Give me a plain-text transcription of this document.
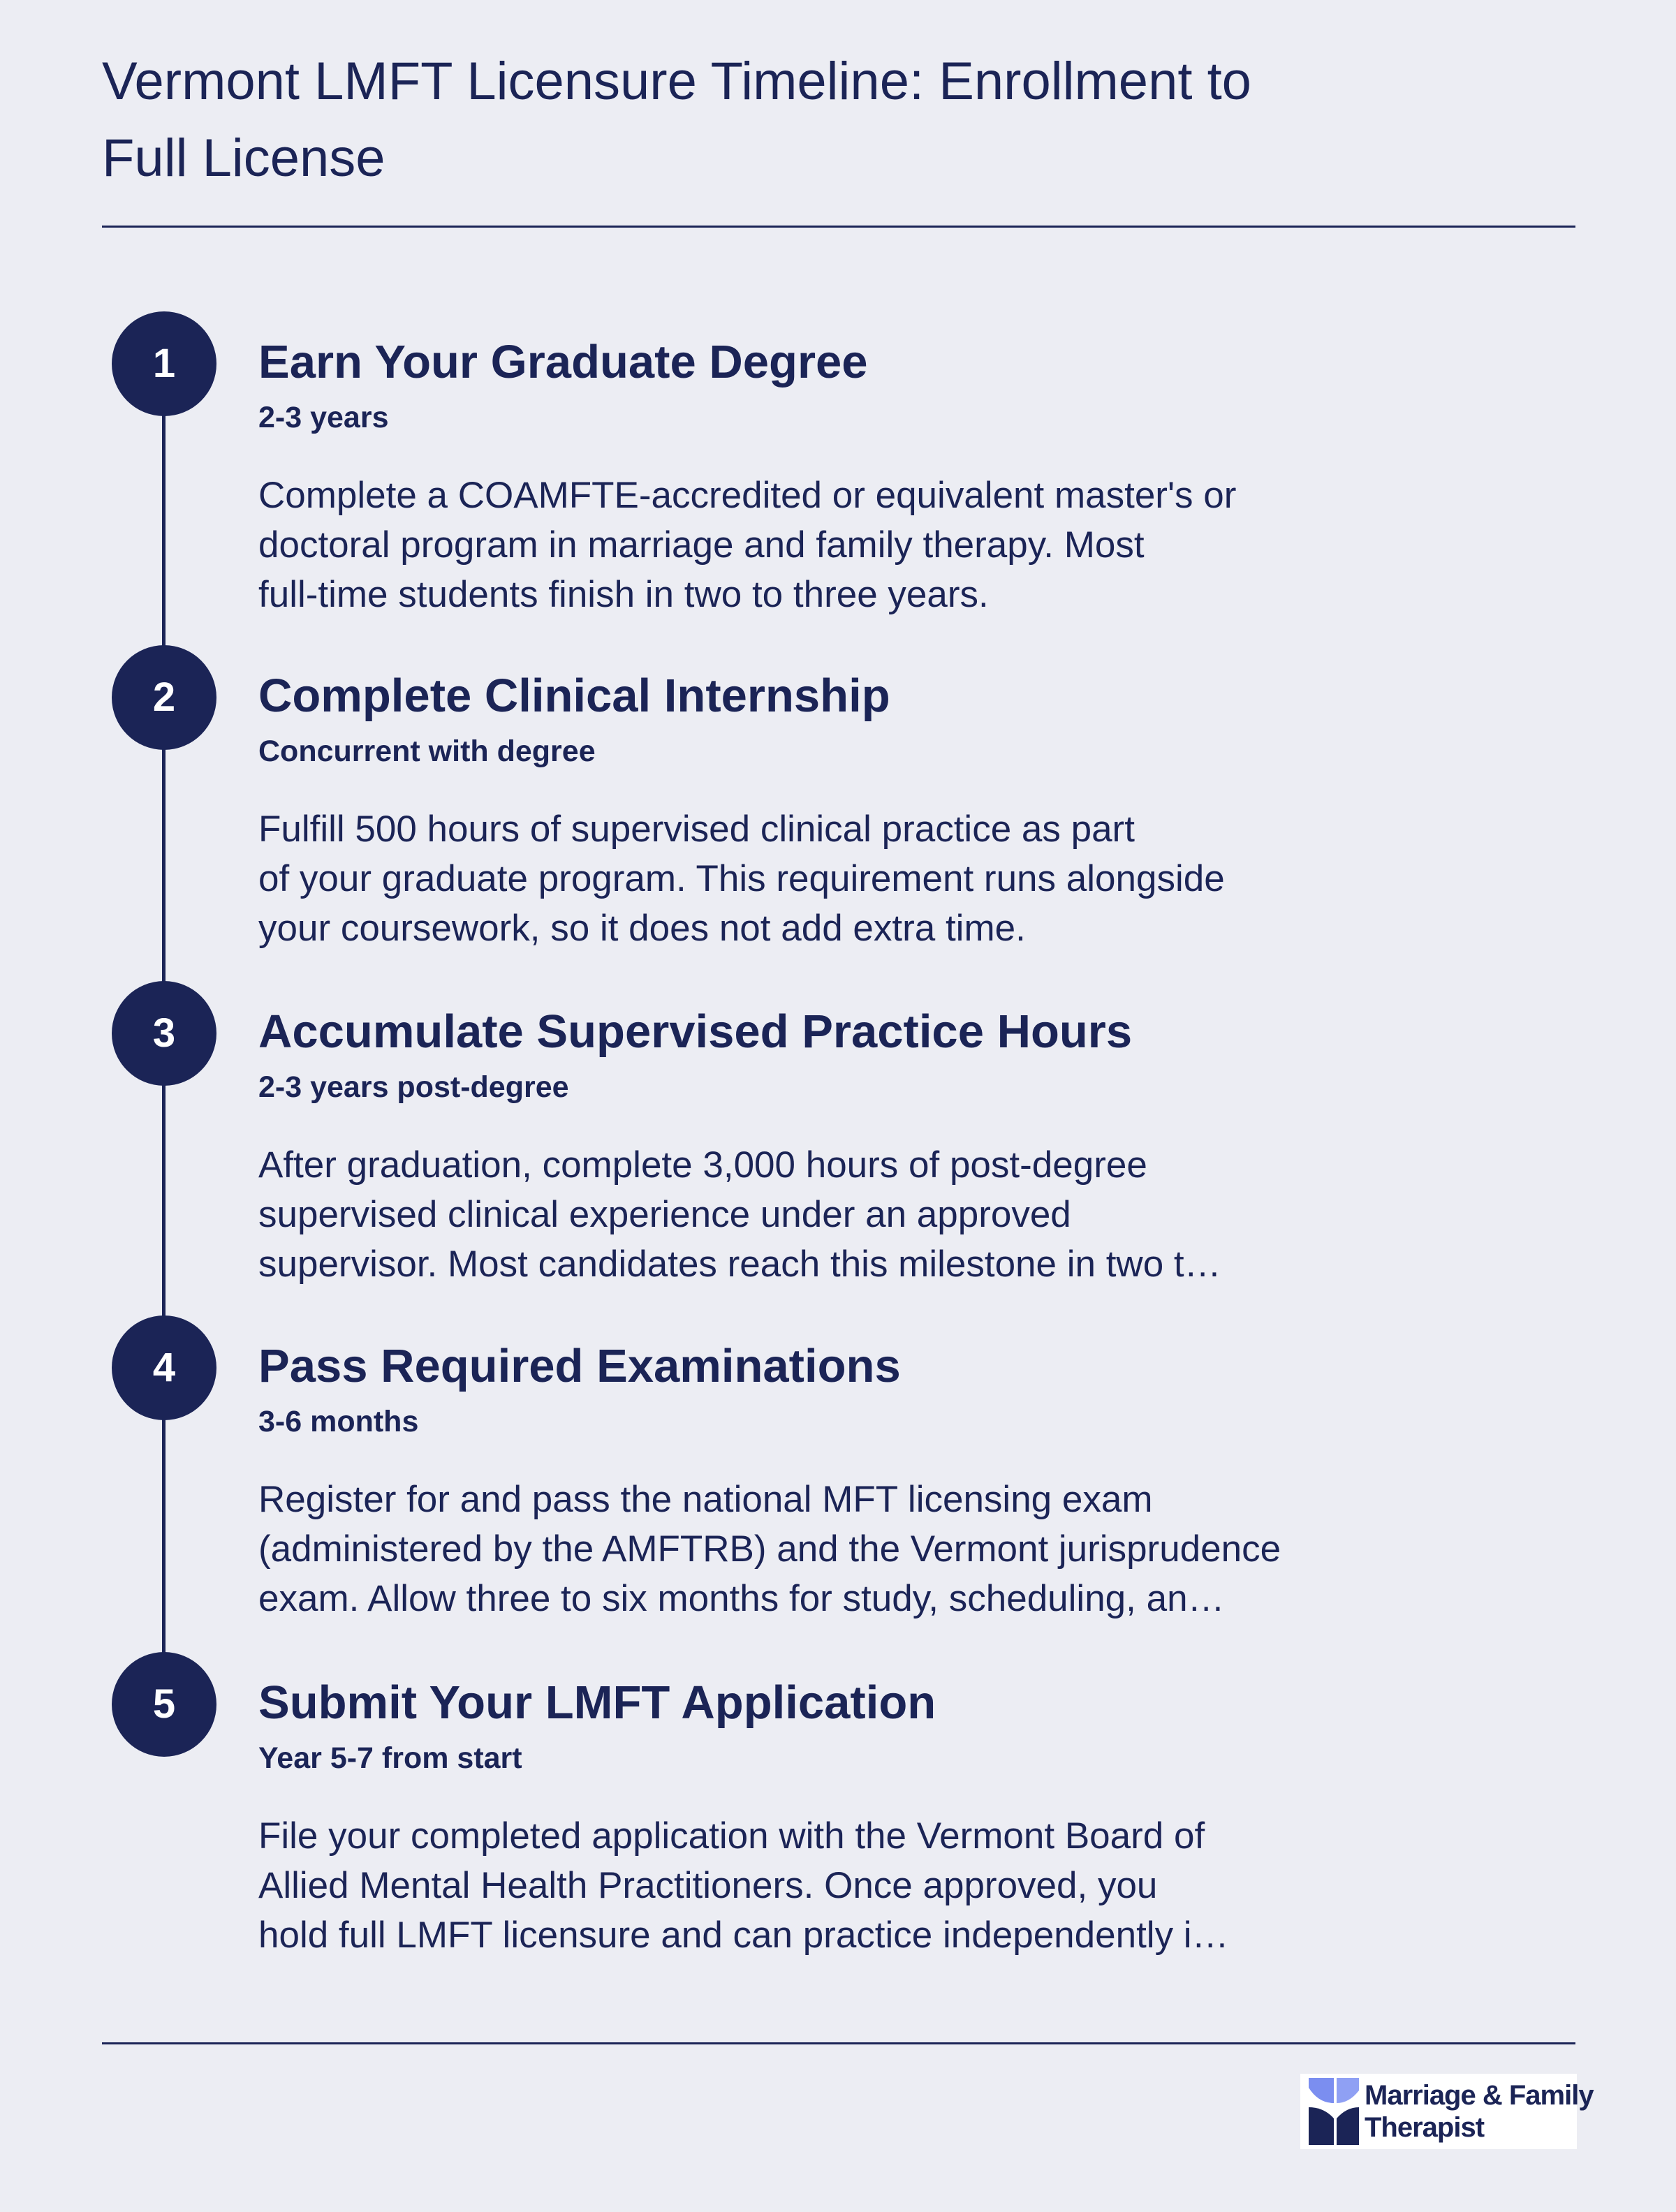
Vermont LMFT Licensure Timeline: Enrollment to
Full License
1	Earn Your Graduate Degree
2-3 years

Complete a COAMFTE-accredited or equivalent master's or
doctoral program in marriage and family therapy. Most
full-time students finish in two to three years.

2	Complete Clinical Internship
Concurrent with degree

Fulfill 500 hours of supervised clinical practice as part
of your graduate program. This requirement runs alongside
your coursework, so it does not add extra time.

3	Accumulate Supervised Practice Hours
2-3 years post-degree

After graduation, complete 3,000 hours of post-degree
supervised clinical experience under an approved
supervisor. Most candidates reach this milestone in two t…

4	Pass Required Examinations
3-6 months

Register for and pass the national MFT licensing exam
(administered by the AMFTRB) and the Vermont jurisprudence
exam. Allow three to six months for study, scheduling, an…

5	Submit Your LMFT Application
Year 5-7 from start

File your completed application with the Vermont Board of
Allied Mental Health Practitioners. Once approved, you
hold full LMFT licensure and can practice independently i…

Marriage & Family
Therapist
